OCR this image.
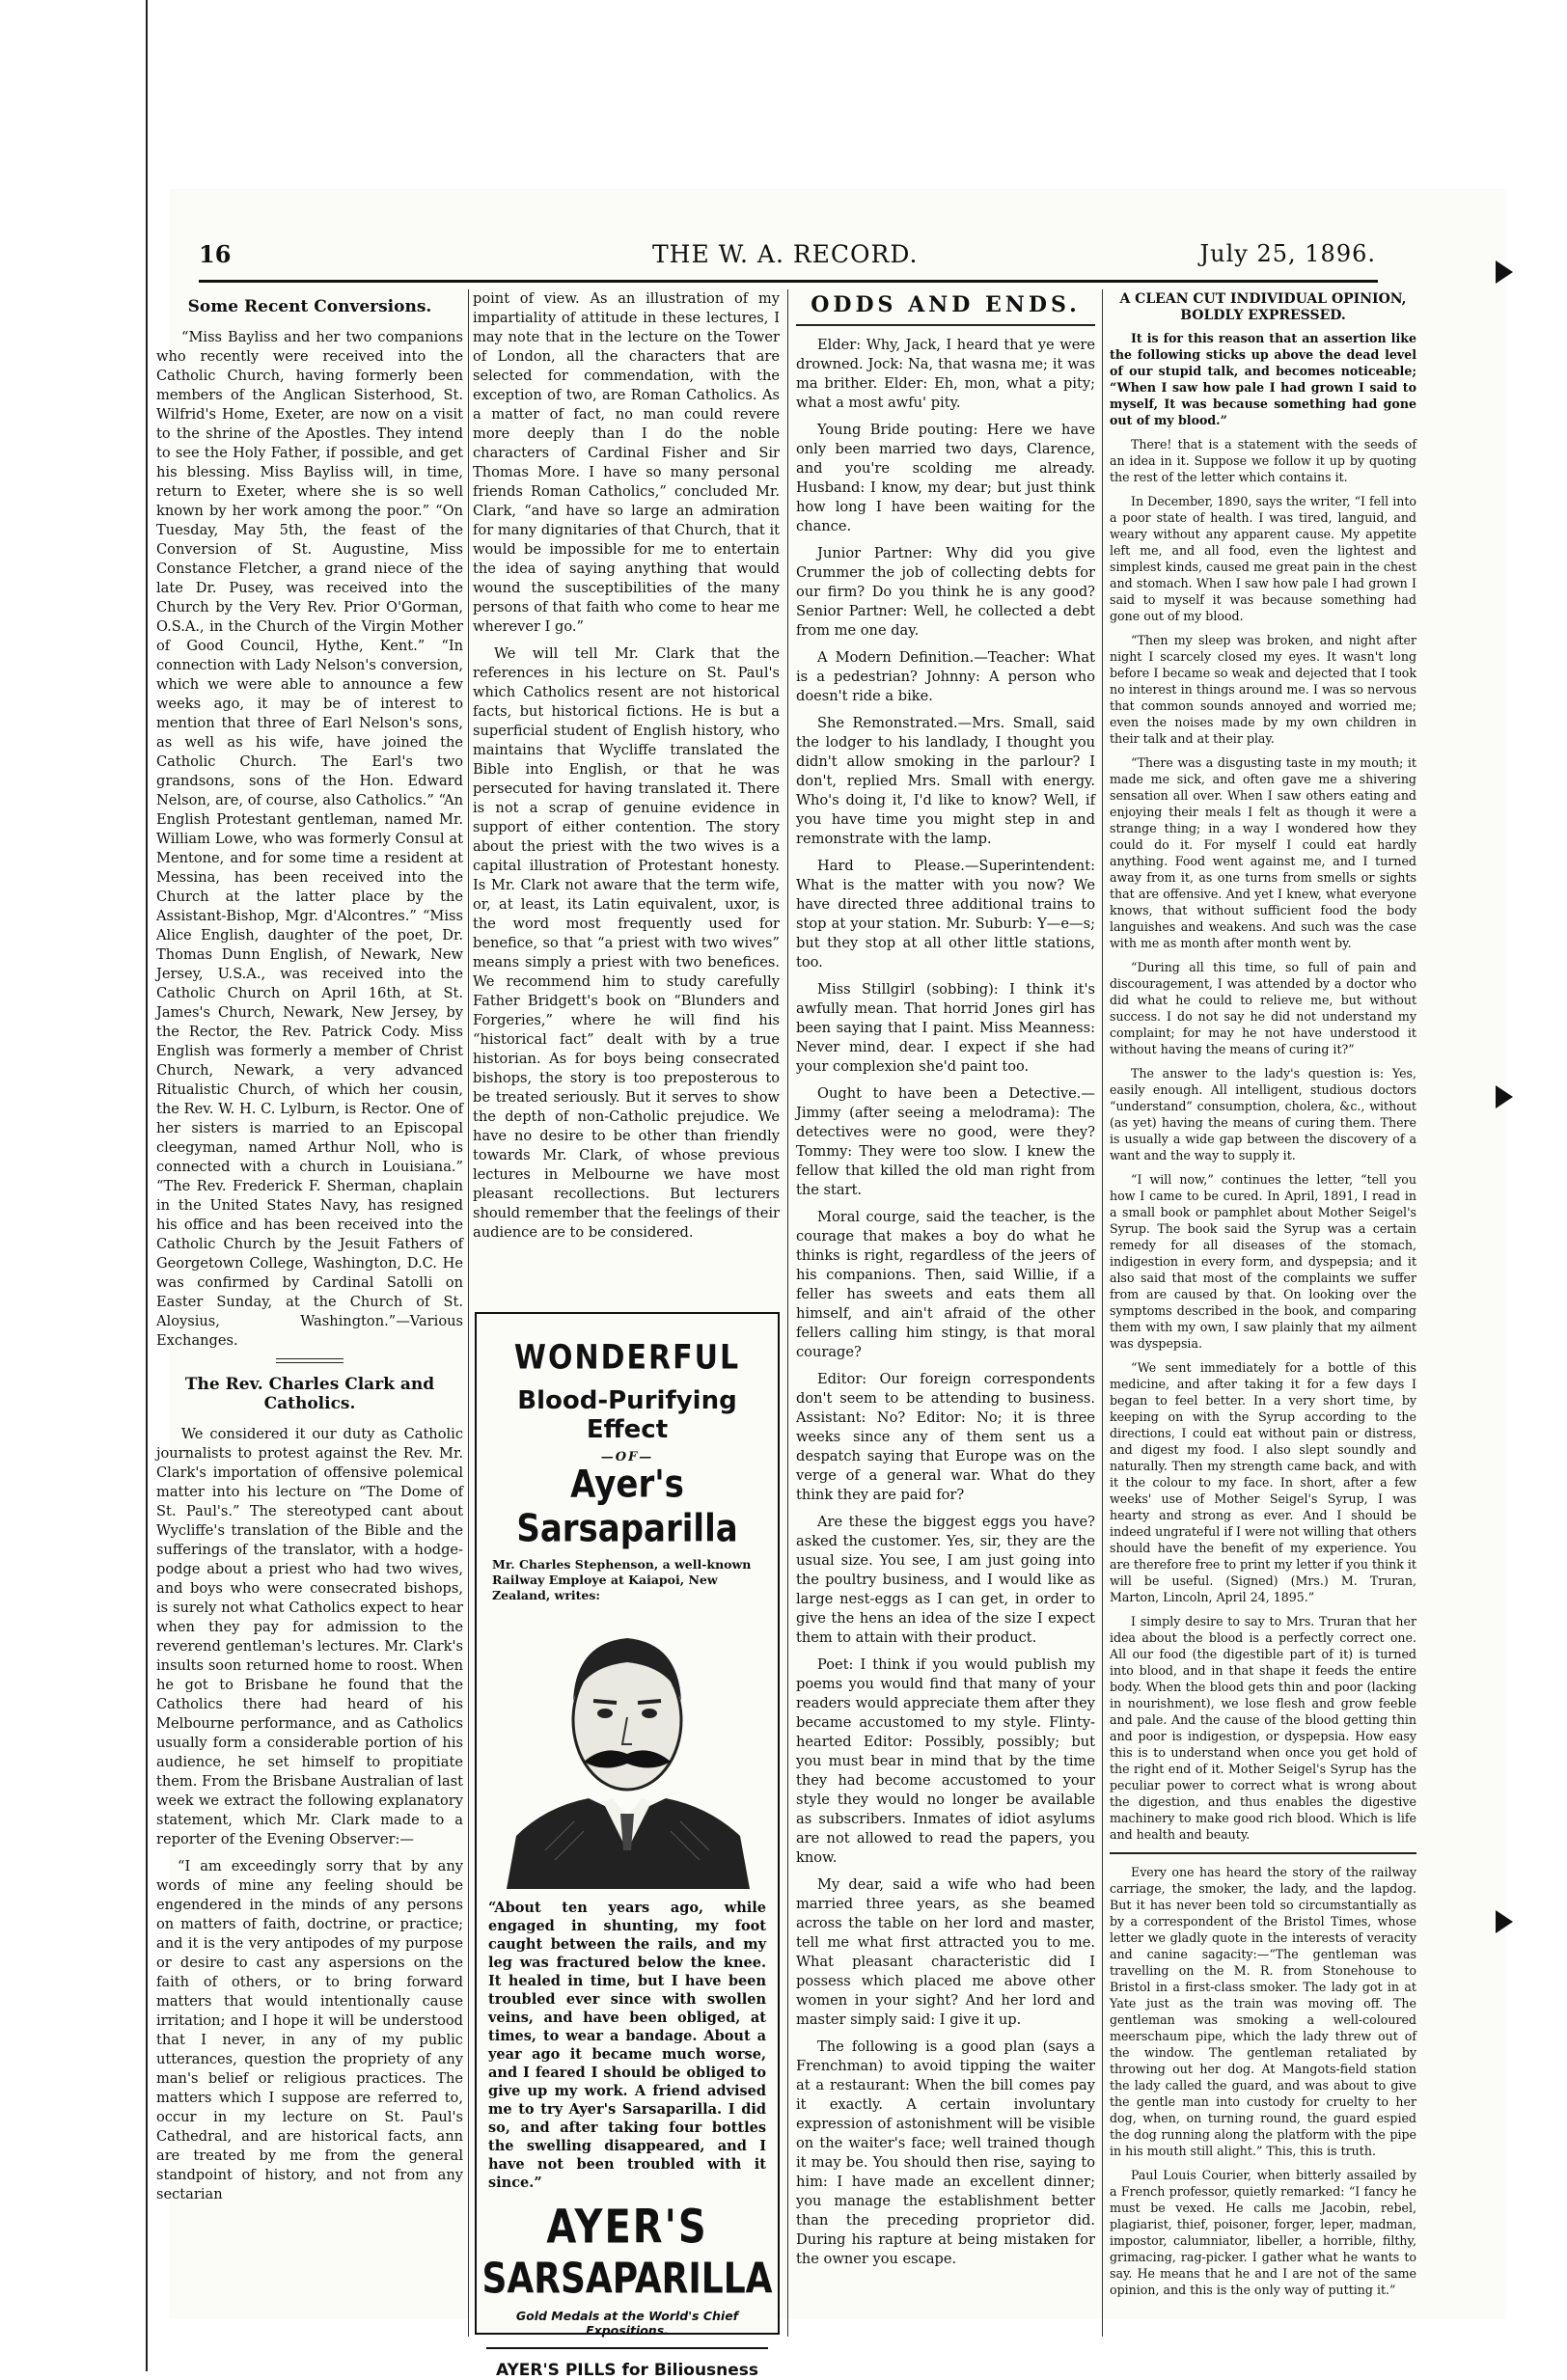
16	THE W. A. RECORD.	July 25, 1896.
Some Recent Conversions.

“Miss Bayliss and her two companions who recently were received into the Catholic Church, having formerly been members of the Anglican Sisterhood, St. Wilfrid's Home, Exeter, are now on a visit to the shrine of the Apostles. They intend to see the Holy Father, if possible, and get his blessing. Miss Bayliss will, in time, return to Exeter, where she is so well known by her work among the poor.” “On Tuesday, May 5th, the feast of the Conversion of St. Augustine, Miss Constance Fletcher, a grand niece of the late Dr. Pusey, was received into the Church by the Very Rev. Prior O'Gorman, O.S.A., in the Church of the Virgin Mother of Good Council, Hythe, Kent.” “In connection with Lady Nelson's conversion, which we were able to announce a few weeks ago, it may be of interest to mention that three of Earl Nelson's sons, as well as his wife, have joined the Catholic Church. The Earl's two grandsons, sons of the Hon. Edward Nelson, are, of course, also Catholics.” “An English Protestant gentleman, named Mr. William Lowe, who was formerly Consul at Mentone, and for some time a resident at Messina, has been received into the Church at the latter place by the Assistant-Bishop, Mgr. d'Alcontres.” “Miss Alice English, daughter of the poet, Dr. Thomas Dunn English, of Newark, New Jersey, U.S.A., was received into the Catholic Church on April 16th, at St. James's Church, Newark, New Jersey, by the Rector, the Rev. Patrick Cody. Miss English was formerly a member of Christ Church, Newark, a very advanced Ritualistic Church, of which her cousin, the Rev. W. H. C. Lylburn, is Rector. One of her sisters is married to an Episcopal cleegyman, named Arthur Noll, who is connected with a church in Louisiana.” “The Rev. Frederick F. Sherman, chaplain in the United States Navy, has resigned his office and has been received into the Catholic Church by the Jesuit Fathers of Georgetown College, Washington, D.C. He was confirmed by Cardinal Satolli on Easter Sunday, at the Church of St. Aloysius, Washington.”—Various Exchanges.

The Rev. Charles Clark and Catholics.

We considered it our duty as Catholic journalists to protest against the Rev. Mr. Clark's importation of offensive polemical matter into his lecture on “The Dome of St. Paul's.” The stereotyped cant about Wycliffe's translation of the Bible and the sufferings of the translator, with a hodge-podge about a priest who had two wives, and boys who were consecrated bishops, is surely not what Catholics expect to hear when they pay for admission to the reverend gentleman's lectures. Mr. Clark's insults soon returned home to roost. When he got to Brisbane he found that the Catholics there had heard of his Melbourne performance, and as Catholics usually form a considerable portion of his audience, he set himself to propitiate them. From the Brisbane Australian of last week we extract the following explanatory statement, which Mr. Clark made to a reporter of the Evening Observer:—

“I am exceedingly sorry that by any words of mine any feeling should be engendered in the minds of any persons on matters of faith, doctrine, or practice; and it is the very antipodes of my purpose or desire to cast any aspersions on the faith of others, or to bring forward matters that would intentionally cause irritation; and I hope it will be understood that I never, in any of my public utterances, question the propriety of any man's belief or religious practices. The matters which I suppose are referred to, occur in my lecture on St. Paul's Cathedral, and are historical facts, ann are treated by me from the general standpoint of history, and not from any sectarian

point of view. As an illustration of my impartiality of attitude in these lectures, I may note that in the lecture on the Tower of London, all the characters that are selected for commendation, with the exception of two, are Roman Catholics. As a matter of fact, no man could revere more deeply than I do the noble characters of Cardinal Fisher and Sir Thomas More. I have so many personal friends Roman Catholics,” concluded Mr. Clark, “and have so large an admiration for many dignitaries of that Church, that it would be impossible for me to entertain the idea of saying anything that would wound the susceptibilities of the many persons of that faith who come to hear me wherever I go.”

We will tell Mr. Clark that the references in his lecture on St. Paul's which Catholics resent are not historical facts, but historical fictions. He is but a superficial student of English history, who maintains that Wycliffe translated the Bible into English, or that he was persecuted for having translated it. There is not a scrap of genuine evidence in support of either contention. The story about the priest with the two wives is a capital illustration of Protestant honesty. Is Mr. Clark not aware that the term wife, or, at least, its Latin equivalent, uxor, is the word most frequently used for benefice, so that “a priest with two wives” means simply a priest with two benefices. We recommend him to study carefully Father Bridgett's book on “Blunders and Forgeries,” where he will find his “historical fact” dealt with by a true historian. As for boys being consecrated bishops, the story is too preposterous to be treated seriously. But it serves to show the depth of non-Catholic prejudice. We have no desire to be other than friendly towards Mr. Clark, of whose previous lectures in Melbourne we have most pleasant recollections. But lecturers should remember that the feelings of their audience are to be considered.

WONDERFUL
Blood-Purifying Effect
—OF—
Ayer's Sarsaparilla
Mr. Charles Stephenson, a well-known Railway Employe at Kaiapoi, New Zealand, writes:
“About ten years ago, while engaged in shunting, my foot caught between the rails, and my leg was fractured below the knee. It healed in time, but I have been troubled ever since with swollen veins, and have been obliged, at times, to wear a bandage. About a year ago it became much worse, and I feared I should be obliged to give up my work. A friend advised me to try Ayer's Sarsaparilla. I did so, and after taking four bottles the swelling disappeared, and I have not been troubled with it since.”
AYER'S
SARSAPARILLA
Gold Medals at the World's Chief Expositions.
AYER'S PILLS for Biliousness
ODDS AND ENDS.

Elder: Why, Jack, I heard that ye were drowned. Jock: Na, that wasna me; it was ma brither. Elder: Eh, mon, what a pity; what a most awfu' pity.

Young Bride pouting: Here we have only been married two days, Clarence, and you're scolding me already. Husband: I know, my dear; but just think how long I have been waiting for the chance.

Junior Partner: Why did you give Crummer the job of collecting debts for our firm? Do you think he is any good? Senior Partner: Well, he collected a debt from me one day.

A Modern Definition.—Teacher: What is a pedestrian? Johnny: A person who doesn't ride a bike.

She Remonstrated.—Mrs. Small, said the lodger to his landlady, I thought you didn't allow smoking in the parlour? I don't, replied Mrs. Small with energy. Who's doing it, I'd like to know? Well, if you have time you might step in and remonstrate with the lamp.

Hard to Please.—Superintendent: What is the matter with you now? We have directed three additional trains to stop at your station. Mr. Suburb: Y—e—s; but they stop at all other little stations, too.

Miss Stillgirl (sobbing): I think it's awfully mean. That horrid Jones girl has been saying that I paint. Miss Meanness: Never mind, dear. I expect if she had your complexion she'd paint too.

Ought to have been a Detective.—Jimmy (after seeing a melodrama): The detectives were no good, were they? Tommy: They were too slow. I knew the fellow that killed the old man right from the start.

Moral courge, said the teacher, is the courage that makes a boy do what he thinks is right, regardless of the jeers of his companions. Then, said Willie, if a feller has sweets and eats them all himself, and ain't afraid of the other fellers calling him stingy, is that moral courage?

Editor: Our foreign correspondents don't seem to be attending to business. Assistant: No? Editor: No; it is three weeks since any of them sent us a despatch saying that Europe was on the verge of a general war. What do they think they are paid for?

Are these the biggest eggs you have? asked the customer. Yes, sir, they are the usual size. You see, I am just going into the poultry business, and I would like as large nest-eggs as I can get, in order to give the hens an idea of the size I expect them to attain with their product.

Poet: I think if you would publish my poems you would find that many of your readers would appreciate them after they became accustomed to my style. Flinty-hearted Editor: Possibly, possibly; but you must bear in mind that by the time they had become accustomed to your style they would no longer be available as subscribers. Inmates of idiot asylums are not allowed to read the papers, you know.

My dear, said a wife who had been married three years, as she beamed across the table on her lord and master, tell me what first attracted you to me. What pleasant characteristic did I possess which placed me above other women in your sight? And her lord and master simply said: I give it up.

The following is a good plan (says a Frenchman) to avoid tipping the waiter at a restaurant: When the bill comes pay it exactly. A certain involuntary expression of astonishment will be visible on the waiter's face; well trained though it may be. You should then rise, saying to him: I have made an excellent dinner; you manage the establishment better than the preceding proprietor did. During his rapture at being mistaken for the owner you escape.

A CLEAN CUT INDIVIDUAL OPINION, BOLDLY EXPRESSED.

It is for this reason that an assertion like the following sticks up above the dead level of our stupid talk, and becomes noticeable; “When I saw how pale I had grown I said to myself, It was because something had gone out of my blood.”

There! that is a statement with the seeds of an idea in it. Suppose we follow it up by quoting the rest of the letter which contains it.

In December, 1890, says the writer, “I fell into a poor state of health. I was tired, languid, and weary without any apparent cause. My appetite left me, and all food, even the lightest and simplest kinds, caused me great pain in the chest and stomach. When I saw how pale I had grown I said to myself it was because something had gone out of my blood.

“Then my sleep was broken, and night after night I scarcely closed my eyes. It wasn't long before I became so weak and dejected that I took no interest in things around me. I was so nervous that common sounds annoyed and worried me; even the noises made by my own children in their talk and at their play.

“There was a disgusting taste in my mouth; it made me sick, and often gave me a shivering sensation all over. When I saw others eating and enjoying their meals I felt as though it were a strange thing; in a way I wondered how they could do it. For myself I could eat hardly anything. Food went against me, and I turned away from it, as one turns from smells or sights that are offensive. And yet I knew, what everyone knows, that without sufficient food the body languishes and weakens. And such was the case with me as month after month went by.

“During all this time, so full of pain and discouragement, I was attended by a doctor who did what he could to relieve me, but without success. I do not say he did not understand my complaint; for may he not have understood it without having the means of curing it?”

The answer to the lady's question is: Yes, easily enough. All intelligent, studious doctors “understand” consumption, cholera, &c., without (as yet) having the means of curing them. There is usually a wide gap between the discovery of a want and the way to supply it.

“I will now,” continues the letter, “tell you how I came to be cured. In April, 1891, I read in a small book or pamphlet about Mother Seigel's Syrup. The book said the Syrup was a certain remedy for all diseases of the stomach, indigestion in every form, and dyspepsia; and it also said that most of the complaints we suffer from are caused by that. On looking over the symptoms described in the book, and comparing them with my own, I saw plainly that my ailment was dyspepsia.

“We sent immediately for a bottle of this medicine, and after taking it for a few days I began to feel better. In a very short time, by keeping on with the Syrup according to the directions, I could eat without pain or distress, and digest my food. I also slept soundly and naturally. Then my strength came back, and with it the colour to my face. In short, after a few weeks' use of Mother Seigel's Syrup, I was hearty and strong as ever. And I should be indeed ungrateful if I were not willing that others should have the benefit of my experience. You are therefore free to print my letter if you think it will be useful. (Signed) (Mrs.) M. Truran, Marton, Lincoln, April 24, 1895.”

I simply desire to say to Mrs. Truran that her idea about the blood is a perfectly correct one. All our food (the digestible part of it) is turned into blood, and in that shape it feeds the entire body. When the blood gets thin and poor (lacking in nourishment), we lose flesh and grow feeble and pale. And the cause of the blood getting thin and poor is indigestion, or dyspepsia. How easy this is to understand when once you get hold of the right end of it. Mother Seigel's Syrup has the peculiar power to correct what is wrong about the digestion, and thus enables the digestive machinery to make good rich blood. Which is life and health and beauty.

Every one has heard the story of the railway carriage, the smoker, the lady, and the lapdog. But it has never been told so circumstantially as by a correspondent of the Bristol Times, whose letter we gladly quote in the interests of veracity and canine sagacity:—“The gentleman was travelling on the M. R. from Stonehouse to Bristol in a first-class smoker. The lady got in at Yate just as the train was moving off. The gentleman was smoking a well-coloured meerschaum pipe, which the lady threw out of the window. The gentleman retaliated by throwing out her dog. At Mangots-field station the lady called the guard, and was about to give the gentle man into custody for cruelty to her dog, when, on turning round, the guard espied the dog running along the platform with the pipe in his mouth still alight.” This, this is truth.

Paul Louis Courier, when bitterly assailed by a French professor, quietly remarked: “I fancy he must be vexed. He calls me Jacobin, rebel, plagiarist, thief, poisoner, forger, leper, madman, impostor, calumniator, libeller, a horrible, filthy, grimacing, rag-picker. I gather what he wants to say. He means that he and I are not of the same opinion, and this is the only way of putting it.”
